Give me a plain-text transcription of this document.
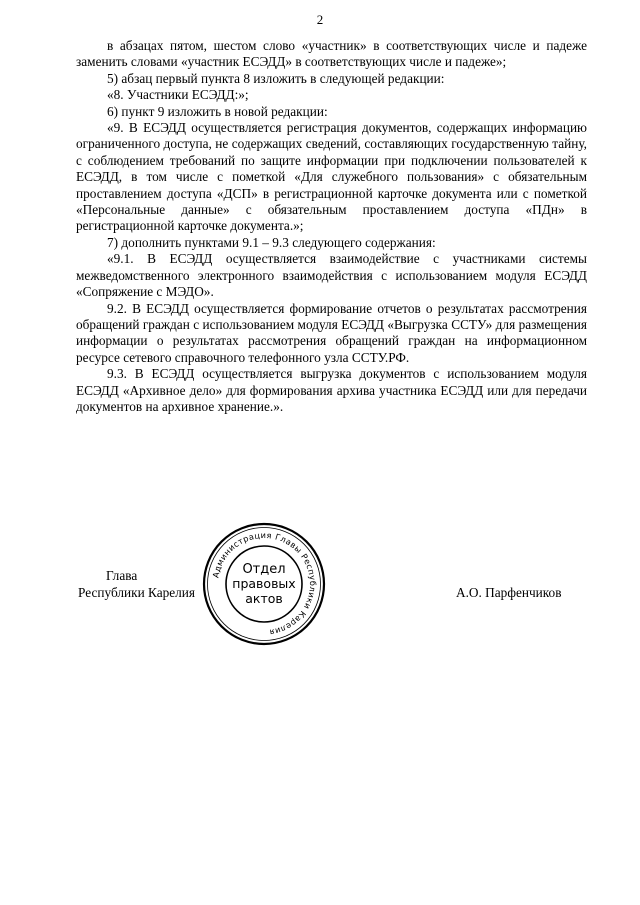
2

в абзацах пятом, шестом слово «участник» в соответствующих числе и падеже заменить словами «участник ЕСЭДД» в соответствующих числе и падеже»;

5) абзац первый пункта 8 изложить в следующей редакции:

«8. Участники ЕСЭДД:»;

6) пункт 9 изложить в новой редакции:

«9. В ЕСЭДД осуществляется регистрация документов, содержащих информацию ограниченного доступа, не содержащих сведений, составляющих государственную тайну, с соблюдением требований по защите информации при подключении пользователей к ЕСЭДД, в том числе с пометкой «Для служебного пользования» с обязательным проставлением доступа «ДСП» в регистрационной карточке документа или с пометкой «Персональные данные» с обязательным проставлением доступа «ПДн» в регистрационной карточке документа.»;

7) дополнить пунктами 9.1 – 9.3 следующего содержания:

«9.1. В ЕСЭДД осуществляется взаимодействие с участниками системы межведомственного электронного взаимодействия с использованием модуля ЕСЭДД «Сопряжение с МЭДО».

9.2. В ЕСЭДД осуществляется формирование отчетов о результатах рассмотрения обращений граждан с использованием модуля ЕСЭДД «Выгрузка ССТУ» для размещения информации о результатах рассмотрения обращений граждан на информационном ресурсе сетевого справочного телефонного узла ССТУ.РФ.

9.3. В ЕСЭДД осуществляется выгрузка документов с использованием модуля ЕСЭДД «Архивное дело» для формирования архива участника ЕСЭДД или для передачи документов на архивное хранение.».

Администрация Главы Республики Карелия
Отдел
правовых
актов
Глава
Республики Карелия	А.О. Парфенчиков
